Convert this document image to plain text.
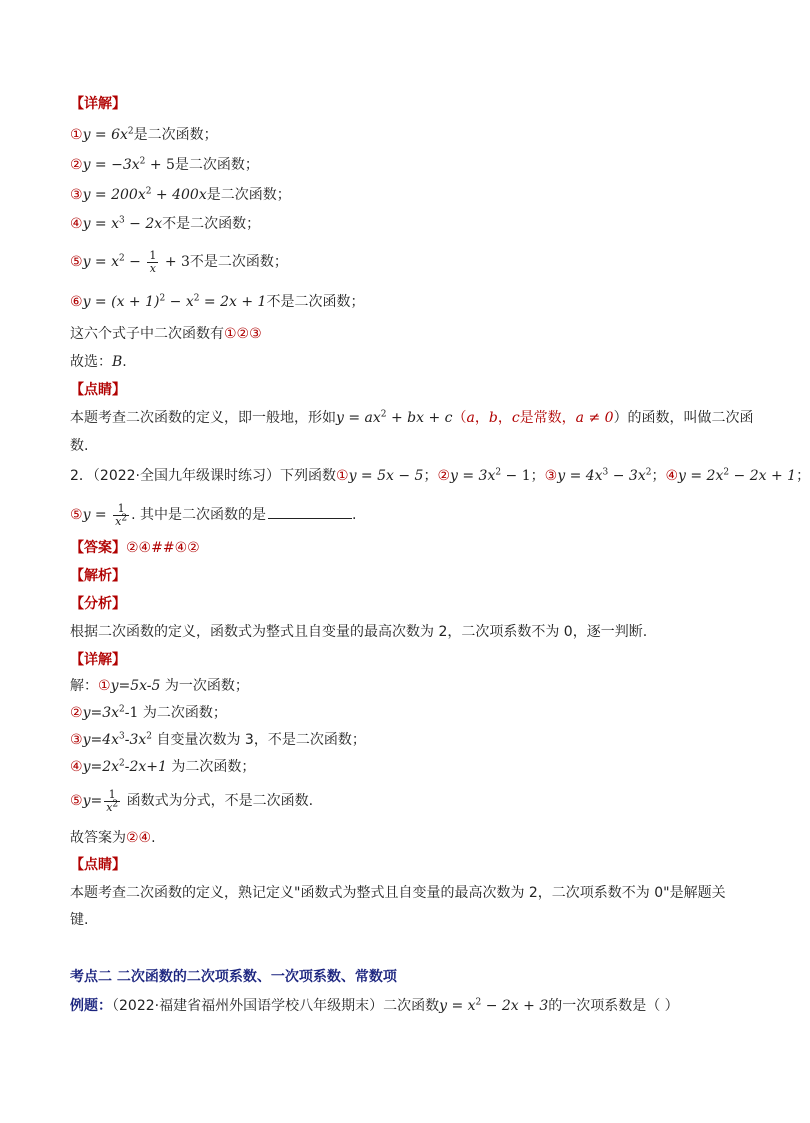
【详解】
①y = $6x^2$是二次函数；
②y = $-3x^2 + 5$是二次函数；
③y = $200x^2 + 400x$是二次函数；
④y = $x^3 - 2x$不是二次函数；
⑤y = $x^2 - \frac{1}{x} + 3$不是二次函数；
⑥y = $(x + 1)^2 - x^2 = 2x + 1$不是二次函数；
这六个式子中二次函数有①②③
故选：B.
【点睛】
本题考查二次函数的定义，即一般地，形如$y = ax^2$ + bx + c（a，b，c是常数，a ≠ 0）的函数，叫做二次函
数.
2．（2022·全国九年级课时练习）下列函数①y = 5x − 5；②y = $3x^2 - 1$；③y = $4x^3 - 3x^2$；④y = $2x^2 - 2x + 1$；
⑤y = $\frac{1}{x^2}$ . 其中是二次函数的是	.
【答案】②④##④②
【解析】
【分析】
根据二次函数的定义，函数式为整式且自变量的最高次数为 2，二次项系数不为 0，逐一判断.
【详解】
解：①y=5x-5 为一次函数；
$②y=3x^2-1$ 为二次函数；
$③y=4x^3-3x^2$ 自变量次数为 3，不是二次函数；
$④y=2x^2-2x+1$ 为二次函数；
⑤y= $\frac{1}{x^2}$ 函数式为分式，不是二次函数.
故答案为②④.
【点睛】
本题考查二次函数的定义，熟记定义"函数式为整式且自变量的最高次数为 2，二次项系数不为 0"是解题关
键.
考点二 二次函数的二次项系数、一次项系数、常数项
例题：（2022·福建省福州外国语学校八年级期末）二次函数$y = x^2 - 2x + 3$的一次项系数是（ ）
